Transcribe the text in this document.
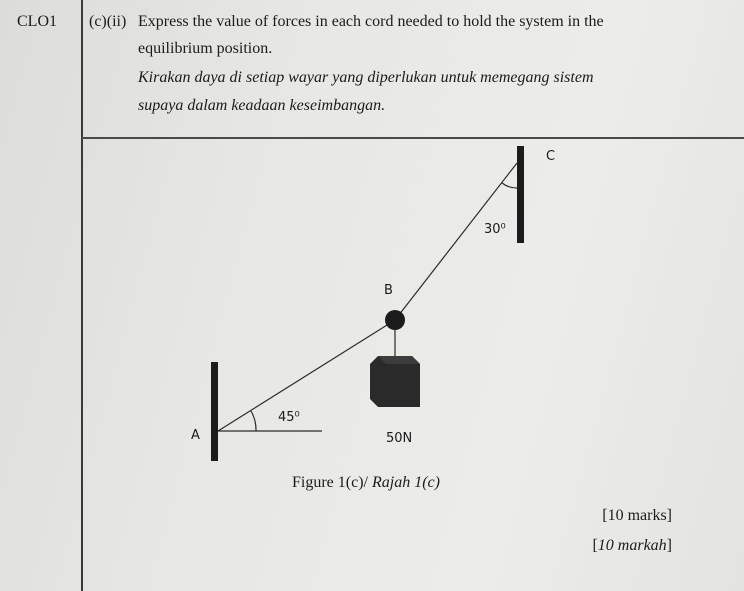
CLO1 (c)(ii) Express the value of forces in each cord needed to hold the system in the
equilibrium position.
Kirakan daya di setiap wayar yang diperlukan untuk memegang sistem
supaya dalam keadaan keseimbangan.
C
30⁰
B
45⁰
A	50N
Figure 1(c)/ Rajah 1(c)
[10 marks]
[10 markah]
